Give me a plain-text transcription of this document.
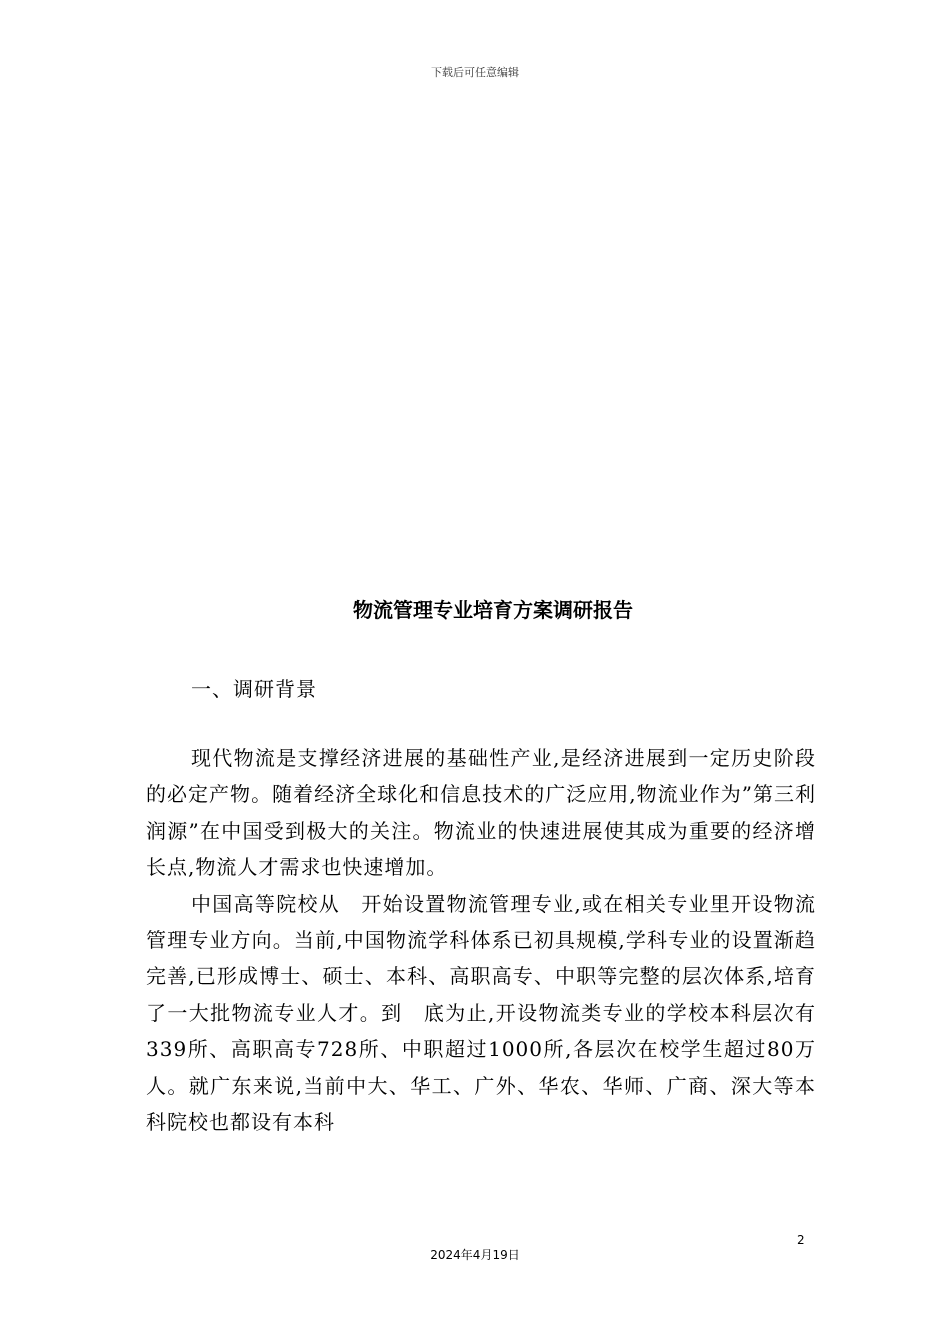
下载后可任意编辑
物流管理专业培育方案调研报告
一、调研背景

现代物流是支撑经济进展的基础性产业,是经济进展到一定历史阶段的必定产物。随着经济全球化和信息技术的广泛应用,物流业作为”第三利润源”在中国受到极大的关注。物流业的快速进展使其成为重要的经济增长点,物流人才需求也快速增加。

中国高等院校从　开始设置物流管理专业,或在相关专业里开设物流管理专业方向。当前,中国物流学科体系已初具规模,学科专业的设置渐趋完善,已形成博士、硕士、本科、高职高专、中职等完整的层次体系,培育了一大批物流专业人才。到　底为止,开设物流类专业的学校本科层次有339所、高职高专728所、中职超过1000所,各层次在校学生超过80万人。就广东来说,当前中大、华工、广外、华农、华师、广商、深大等本科院校也都设有本科

2
2024年4月19日
